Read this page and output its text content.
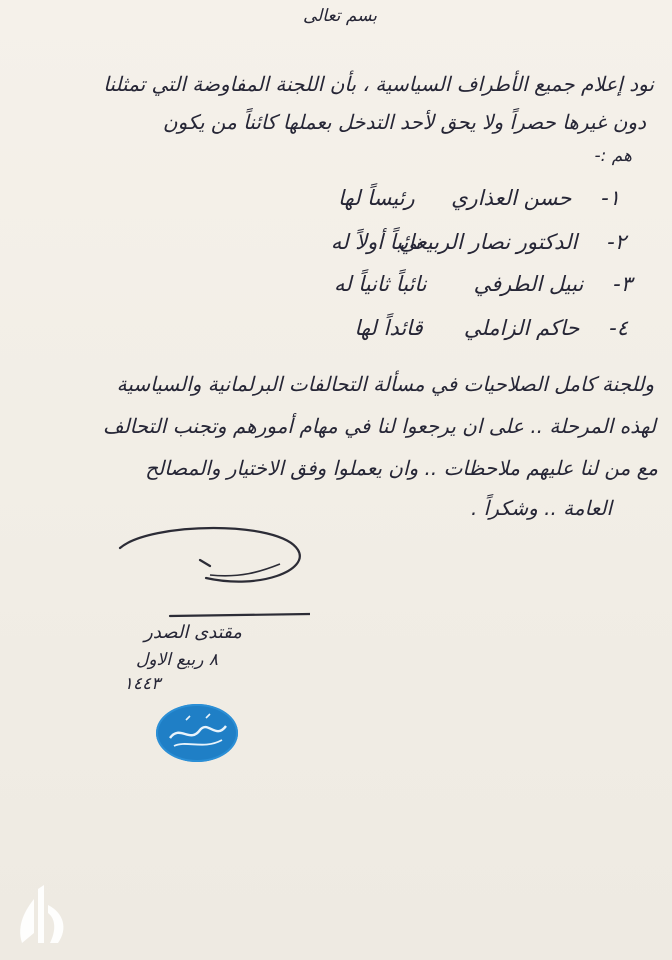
بسم تعالى
نود إعلام جميع الأطراف السياسية ، بأن اللجنة المفاوضة التي تمثلنا
دون غيرها حصراً ولا يحق لأحد التدخل بعملها كائناً من يكون
هم :-
١- حسن العذاري رئيساً لها
٢- الدكتور نصار الربيعي نائباً أولاً له
٣- نبيل الطرفي نائباً ثانياً له
٤- حاكم الزاملي قائداً لها
وللجنة كامل الصلاحيات في مسألة التحالفات البرلمانية والسياسية
لهذه المرحلة .. على ان يرجعوا لنا في مهام أمورهم وتجنب التحالف
مع من لنا عليهم ملاحظات .. وان يعملوا وفق الاختيار والمصالح
العامة .. وشكراً .
مقتدى الصدر
٨ ربيع الاول
١٤٤٣
